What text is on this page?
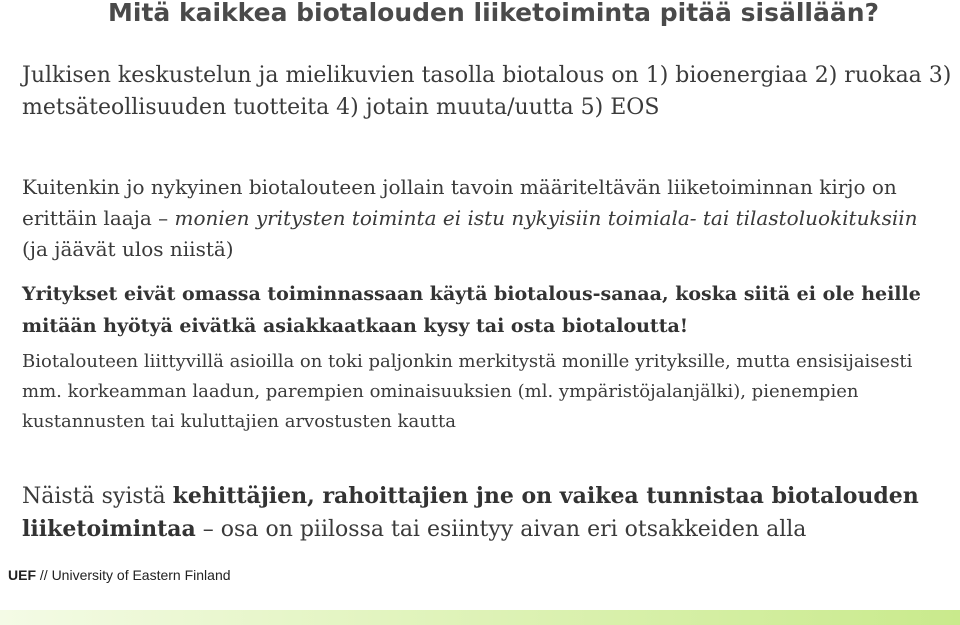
Mitä kaikkea biotalouden liiketoiminta pitää sisällään?
Julkisen keskustelun ja mielikuvien tasolla biotalous on 1) bioenergiaa 2) ruokaa 3) metsäteollisuuden tuotteita 4) jotain muuta/uutta 5) EOS
Kuitenkin jo nykyinen biotalouteen jollain tavoin määriteltävän liiketoiminnan kirjo on erittäin laaja – monien yritysten toiminta ei istu nykyisiin toimiala- tai tilastoluokituksiin (ja jäävät ulos niistä)
Yritykset eivät omassa toiminnassaan käytä biotalous-sanaa, koska siitä ei ole heille mitään hyötyä eivätkä asiakkaatkaan kysy tai osta biotaloutta!
Biotalouteen liittyvillä asioilla on toki paljonkin merkitystä monille yrityksille, mutta ensisijaisesti mm. korkeamman laadun, parempien ominaisuuksien (ml. ympäristöjalanjälki), pienempien kustannusten tai kuluttajien arvostusten kautta
Näistä syistä kehittäjien, rahoittajien jne on vaikea tunnistaa biotalouden liiketoimintaa – osa on piilossa tai esiintyy aivan eri otsakkeiden alla
UEF // University of Eastern Finland
